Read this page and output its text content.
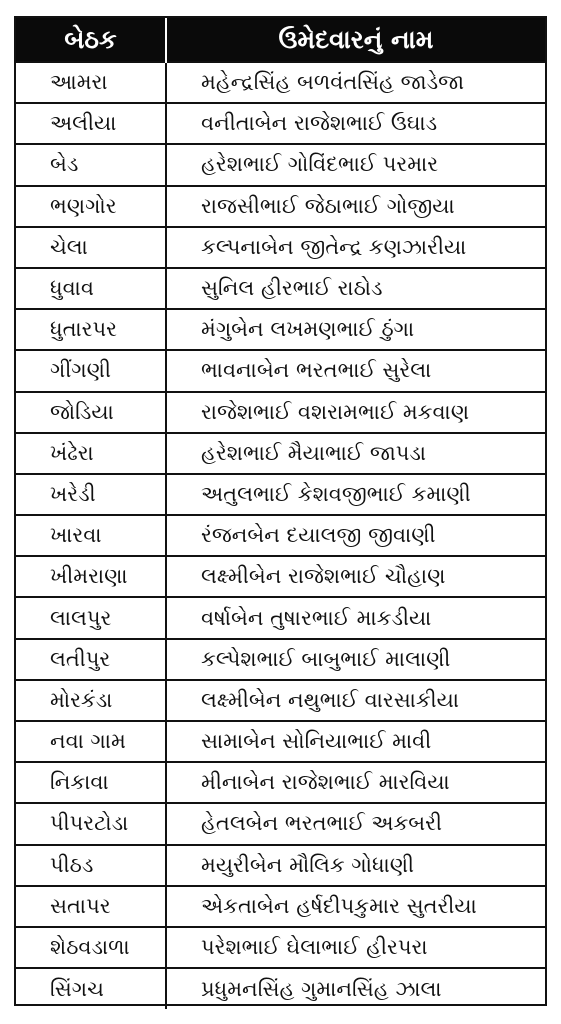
બેઠક	ઉમેદવારનું નામ
આમરા	મહેન્દ્રસિંહ બળવંતસિંહ જાડેજા
અલીયા	વનીતાબેન રાજેશભાઈ ઉઘાડ
બેડ	હરેશભાઈ ગોવિંદભાઈ પરમાર
ભણગોર	રાજસીભાઈ જેઠાભાઈ ગોજીયા
ચેલા	કલ્પનાબેન જીતેન્દ્ર કણઝારીયા
ધુવાવ	સુનિલ હીરભાઈ રાઠોડ
ધુતારપર	મંગુબેન લખમણભાઈ ઠુંગા
ગીંગણી	ભાવનાબેન ભરતભાઈ સુરેલા
જોડિયા	રાજેશભાઈ વશરામભાઈ મકવાણ
ખંઢેરા	હરેશભાઈ મૈયાભાઈ જાપડા
ખરેડી	અતુલભાઈ કેશવજીભાઈ કમાણી
ખારવા	રંજનબેન દયાલજી જીવાણી
ખીમરાણા	લક્ષ્મીબેન રાજેશભાઈ ચૌહાણ
લાલપુર	વર્ષાબેન તુષારભાઈ માકડીયા
લતીપુર	કલ્પેશભાઈ બાબુભાઈ માલાણી
મોરકંડા	લક્ષ્મીબેન નથુભાઈ વારસાકીયા
નવા ગામ	સામાબેન સોનિયાભાઈ માવી
નિકાવા	મીનાબેન રાજેશભાઈ મારવિયા
પીપરટોડા	હેતલબેન ભરતભાઈ અકબરી
પીઠડ	મયુરીબેન મૌલિક ગોધાણી
સતાપર	એકતાબેન હર્ષદીપકુમાર સુતરીયા
શેઠવડાળા	પરેશભાઈ ઘેલાભાઈ હીરપરા
સિંગચ	પ્રધુમનસિંહ ગુમાનસિંહ ઝાલા
